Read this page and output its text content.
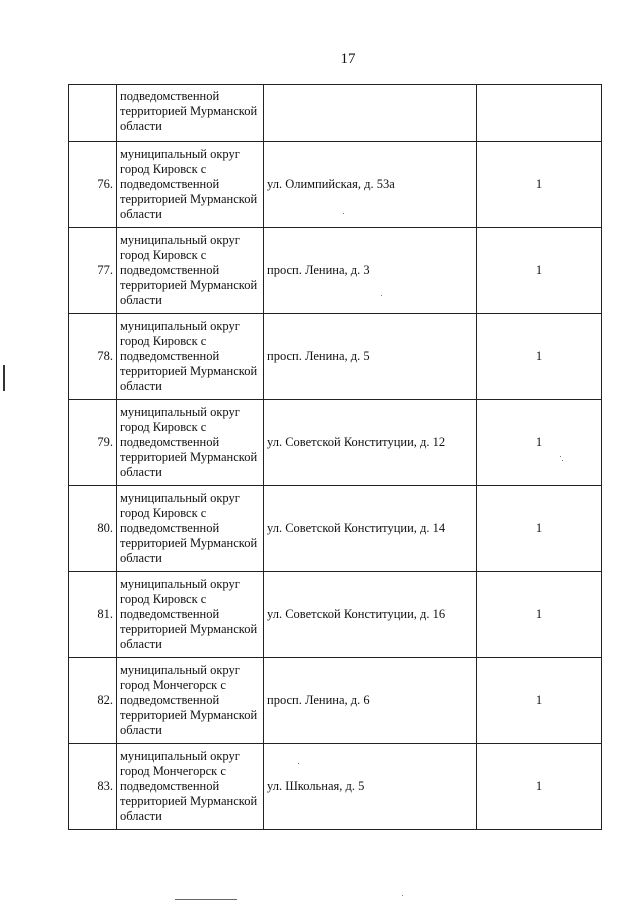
17
	подведомственной территорией Мурманской области		
76.	муниципальный округ город Кировск с подведомственной территорией Мурманской области	ул. Олимпийская, д. 53а	1
77.	муниципальный округ город Кировск с подведомственной территорией Мурманской области	просп. Ленина, д. 3	1
78.	муниципальный округ город Кировск с подведомственной территорией Мурманской области	просп. Ленина, д. 5	1
79.	муниципальный округ город Кировск с подведомственной территорией Мурманской области	ул. Советской Конституции, д. 12	1
80.	муниципальный округ город Кировск с подведомственной территорией Мурманской области	ул. Советской Конституции, д. 14	1
81.	муниципальный округ город Кировск с подведомственной территорией Мурманской области	ул. Советской Конституции, д. 16	1
82.	муниципальный округ город Мончегорск с подведомственной территорией Мурманской области	просп. Ленина, д. 6	1
83.	муниципальный округ город Мончегорск с подведомственной территорией Мурманской области	ул. Школьная, д. 5	1
